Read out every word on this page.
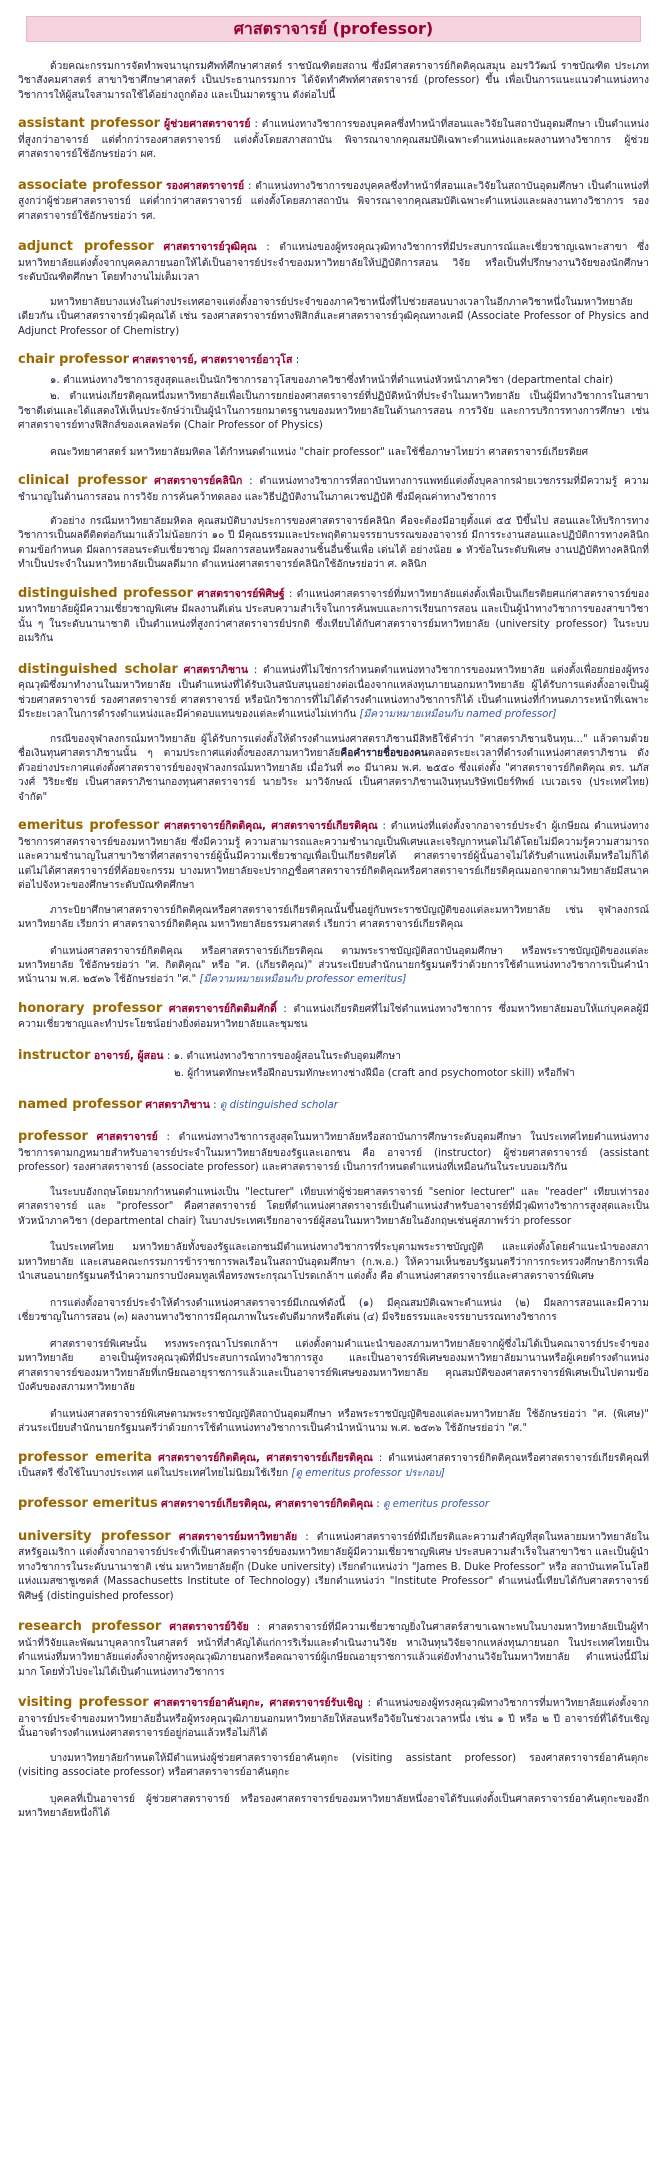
ศาสตราจารย์ (professor)

ด้วยคณะกรรมการจัดทำพจนานุกรมศัพท์ศึกษาศาสตร์ ราชบัณฑิตยสถาน ซึ่งมีศาสตราจารย์กิตติคุณสมุน อมรวิวัฒน์ ราชบัณฑิต ประเภทวิชาสังคมศาสตร์ สาขาวิชาศึกษาศาสตร์ เป็นประธานกรรมการ ได้จัดทำศัพท์ศาสตราจารย์ (professor) ขึ้น เพื่อเป็นการแนะแนวตำแหน่งทางวิชาการให้ผู้สนใจสามารถใช้ได้อย่างถูกต้อง และเป็นมาตรฐาน ดังต่อไปนี้

assistant professor ผู้ช่วยศาสตราจารย์ : ตำแหน่งทางวิชาการของบุคคลซึ่งทำหน้าที่สอนและวิจัยในสถาบันอุดมศึกษา เป็นตำแหน่งที่สูงกว่าอาจารย์ แต่ต่ำกว่ารองศาสตราจารย์ แต่งตั้งโดยสภาสถาบัน พิจารณาจากคุณสมบัติเฉพาะตำแหน่งและผลงานทางวิชาการ ผู้ช่วยศาสตราจารย์ใช้อักษรย่อว่า ผศ.
associate professor รองศาสตราจารย์ : ตำแหน่งทางวิชาการของบุคคลซึ่งทำหน้าที่สอนและวิจัยในสถาบันอุดมศึกษา เป็นตำแหน่งที่สูงกว่าผู้ช่วยศาสตราจารย์ แต่ต่ำกว่าศาสตราจารย์ แต่งตั้งโดยสภาสถาบัน พิจารณาจากคุณสมบัติเฉพาะตำแหน่งและผลงานทางวิชาการ รองศาสตราจารย์ใช้อักษรย่อว่า รศ.
adjunct professor ศาสตราจารย์วุฒิคุณ : ตำแหน่งของผู้ทรงคุณวุฒิทางวิชาการที่มีประสบการณ์และเชี่ยวชาญเฉพาะสาขา ซึ่งมหาวิทยาลัยแต่งตั้งจากบุคคลภายนอกให้ได้เป็นอาจารย์ประจำของมหาวิทยาลัยให้ปฏิบัติการสอน วิจัย หรือเป็นที่ปรึกษางานวิจัยของนักศึกษาระดับบัณฑิตศึกษา โดยทำงานไม่เต็มเวลา

มหาวิทยาลัยบางแห่งในต่างประเทศอาจแต่งตั้งอาจารย์ประจำของภาควิชาหนึ่งที่ไปช่วยสอนบางเวลาในอีกภาควิชาหนึ่งในมหาวิทยาลัยเดียวกัน เป็นศาสตราจารย์วุฒิคุณได้ เช่น รองศาสตราจารย์ทางฟิสิกส์และศาสตราจารย์วุฒิคุณทางเคมี (Associate Professor of Physics and Adjunct Professor of Chemistry)

chair professor ศาสตราจารย์, ศาสตราจารย์อาวุโส :

๑. ตำแหน่งทางวิชาการสูงสุดและเป็นนักวิชาการอาวุโสของภาควิชาซึ่งทำหน้าที่ตำแหน่งหัวหน้าภาควิชา (departmental chair)

๒. ตำแหน่งเกียรติคุณหนึ่งมหาวิทยาลัยเพื่อเป็นการยกย่องศาสตราจารย์ที่ปฏิบัติหน้าที่ประจำในมหาวิทยาลัย เป็นผู้มีทางวิชาการในสาขาวิชาดีเด่นและได้แสดงให้เห็นประจักษ์ว่าเป็นผู้นำในการยกมาตรฐานของมหาวิทยาลัยในด้านการสอน การวิจัย และการบริการทางการศึกษา เช่น ศาสตราจารย์ทางฟิสิกส์ของเคลฟอร์ด (Chair Professor of Physics)

คณะวิทยาศาสตร์ มหาวิทยาลัยมหิดล ได้กำหนดตำแหน่ง "chair professor" และใช้ชื่อภาษาไทยว่า ศาสตราจารย์เกียรติยศ

clinical professor ศาสตราจารย์คลินิก : ตำแหน่งทางวิชาการที่สถาบันทางการแพทย์แต่งตั้งบุคลากรฝ่ายเวชกรรมที่มีความรู้ ความชำนาญในด้านการสอน การวิจัย การค้นคว้าทดลอง และวิธีปฏิบัติงานในภาคเวชปฏิบัติ ซึ่งมีคุณค่าทางวิชาการ

ตัวอย่าง กรณีมหาวิทยาลัยมหิดล คุณสมบัติบางประการของศาสตราจารย์คลินิก คือจะต้องมีอายุตั้งแต่ ๕๕ ปีขึ้นไป สอนและให้บริการทางวิชาการเป็นผลดีติดต่อกันมาแล้วไม่น้อยกว่า ๑๐ ปี มีคุณธรรมและประพฤติตามจรรยาบรรณของอาจารย์ มีการระงานสอนและปฏิบัติการทางคลินิกตามข้อกำหนด มีผลการสอนระดับเชี่ยวชาญ มีผลการสอนหรือผลงานชิ้นอื่นชิ้นเพื่อ เด่นได้ อย่างน้อย ๑ หัวข้อในระดับพิเศษ งานปฏิบัติทางคลินิกที่ทำเป็นประจำในมหาวิทยาลัยเป็นผลดีมาก ตำแหน่งศาสตราจารย์คลินิกใช้อักษรย่อว่า ศ. คลินิก

distinguished professor ศาสตราจารย์พิศิษฐ์ : ตำแหน่งศาสตราจารย์ที่มหาวิทยาลัยแต่งตั้งเพื่อเป็นเกียรติยศแก่ศาสตราจารย์ของมหาวิทยาลัยผู้มีความเชี่ยวชาญพิเศษ มีผลงานดีเด่น ประสบความสำเร็จในการค้นพบและการเรียนการสอน และเป็นผู้นำทางวิชาการของสาขาวิชานั้น ๆ ในระดับนานาชาติ เป็นตำแหน่งที่สูงกว่าศาสตราจารย์ปรกติ ซึ่งเทียบได้กับศาสตราจารย์มหาวิทยาลัย (university professor) ในระบบอเมริกัน
distinguished scholar ศาสตราภิชาน : ตำแหน่งที่ไม่ใช่การกำหนดตำแหน่งทางวิชาการของมหาวิทยาลัย แต่งตั้งเพื่อยกย่องผู้ทรงคุณวุฒิซึ่งมาทำงานในมหาวิทยาลัย เป็นตำแหน่งที่ได้รับเงินสนับสนุนอย่างต่อเนื่องจากแหล่งทุนภายนอกมหาวิทยาลัย ผู้ได้รับการแต่งตั้งอาจเป็นผู้ช่วยศาสตราจารย์ รองศาสตราจารย์ ศาสตราจารย์ หรือนักวิชาการที่ไม่ได้ดำรงตำแหน่งทางวิชาการก็ได้ เป็นตำแหน่งที่กำหนดภาระหน้าที่เฉพาะ มีระยะเวลาในการดำรงตำแหน่งและมีค่าตอบแทนของแต่ละตำแหน่งไม่เท่ากัน [มีความหมายเหมือนกับ named professor]

กรณีของจุฬาลงกรณ์มหาวิทยาลัย ผู้ได้รับการแต่งตั้งให้ดำรงตำแหน่งศาสตราภิชานมีสิทธิใช้คำว่า "ศาสตราภิชานจินทุน..." แล้วตามด้วยชื่อเงินทุนศาสตราภิชานนั้น ๆ ตามประกาศแต่งตั้งของสภามหาวิทยาลัยคือคำรายชื่อของคนตลอดระยะเวลาที่ดำรงตำแหน่งศาสตราภิชาน ดังตัวอย่างประกาศแต่งตั้งศาสตราจารย์ของจุฬาลงกรณ์มหาวิทยาลัย เมื่อวันที่ ๓๐ มีนาคม พ.ศ. ๒๕๕๐ ซึ่งแต่งตั้ง "ศาสตราจารย์กิตติคุณ ดร. นภัสวงศ์ วิริยะชัย เป็นศาสตราภิชานกองทุนศาสตราจารย์ นายวิระ มาวิจักษณ์ เป็นศาสตราภิชานเงินทุนบริษัทเบียร์ทิพย์ เบเวอเรจ (ประเทศไทย) จำกัด"

emeritus professor ศาสตราจารย์กิตติคุณ, ศาสตราจารย์เกียรติคุณ : ตำแหน่งที่แต่งตั้งจากอาจารย์ประจำ ผู้เกษียณ ตำแหน่งทางวิชาการศาสตราจารย์ของมหาวิทยาลัย ซึ่งมีความรู้ ความสามารถและความชำนาญเป็นพิเศษและเจริญกาหนดไม่ได้โดยไม่มีความรู้ความสามารถและความชำนาญในสาขาวิชาที่ศาสตราจารย์ผู้นั้นมีความเชี่ยวชาญเพื่อเป็นเกียรติยศได้ ศาสตราจารย์ผู้นั้นอาจไม่ได้รับตำแหน่งเต็มหรือไม่ก็ได้ แต่ไม่ได้ศาสตราจารย์ที่ค้อยจะกรรม บางมหาวิทยาลัยจะปรากฏชื่อศาสตราจารย์กิตติคุณหรือศาสตราจารย์เกียรติคุณมอกจากตามวิทยาลัยมีสนาคต่อไปจังหวะของศึกษาระดับบัณฑิตศึกษา

ภาระบิยาศึกษาศาสตราจารย์กิตติคุณหรือศาสตราจารย์เกียรติคุณนั้นขึ้นอยู่กับพระราชบัญญัติของแต่ละมหาวิทยาลัย เช่น จุฬาลงกรณ์มหาวิทยาลัย เรียกว่า ศาสตราจารย์กิตติคุณ มหาวิทยาลัยธรรมศาสตร์ เรียกว่า ศาสตราจารย์เกียรติคุณ

ตำแหน่งศาสตราจารย์กิตติคุณ หรือศาสตราจารย์เกียรติคุณ ตามพระราชบัญญัติสถาบันอุดมศึกษา หรือพระราชบัญญัติของแต่ละมหาวิทยาลัย ใช้อักษรย่อว่า "ศ. กิตติคุณ" หรือ "ศ. (เกียรติคุณ)" ส่วนระเบียบสำนักนายกรัฐมนตรีว่าด้วยการใช้ตำแหน่งทางวิชาการเป็นคำนำหน้านาม พ.ศ. ๒๕๓๖ ใช้อักษรย่อว่า "ศ." [มีความหมายเหมือนกับ professor emeritus]

honorary professor ศาสตราจารย์กิตติมศักดิ์ : ตำแหน่งเกียรติยศที่ไม่ใช่ตำแหน่งทางวิชาการ ซึ่งมหาวิทยาลัยมอบให้แก่บุคคลผู้มีความเชี่ยวชาญและทำประโยชน์อย่างยิ่งต่อมหาวิทยาลัยและชุมชน
instructor อาจารย์, ผู้สอน : ๑. ตำแหน่งทางวิชาการของผู้สอนในระดับอุดมศึกษา

๒. ผู้กำหนดทักษะหรือฝึกอบรมทักษะทางช่างฝีมือ (craft and psychomotor skill) หรือกีฬา

named professor ศาสตราภิชาน : ดู distinguished scholar
professor ศาสตราจารย์ : ตำแหน่งทางวิชาการสูงสุดในมหาวิทยาลัยหรือสถาบันการศึกษาระดับอุดมศึกษา ในประเทศไทยตำแหน่งทางวิชาการตามกฎหมายสำหรับอาจารย์ประจำในมหาวิทยาลัยของรัฐและเอกชน คือ อาจารย์ (instructor) ผู้ช่วยศาสตราจารย์ (assistant professor) รองศาสตราจารย์ (associate professor) และศาสตราจารย์ เป็นการกำหนดตำแหน่งที่เหมือนกันในระบบอเมริกัน

ในระบบอังกฤษโดยมากกำหนดตำแหน่งเป็น "lecturer" เทียบเท่าผู้ช่วยศาสตราจารย์ "senior lecturer" และ "reader" เทียบเท่ารองศาสตราจารย์ และ "professor" คือศาสตราจารย์ โดยที่ตำแหน่งศาสตราจารย์เป็นตำแหน่งสำหรับอาจารย์ที่มีวุฒิทางวิชาการสูงสุดและเป็นหัวหน้าภาควิชา (departmental chair) ในบางประเทศเรียกอาจารย์ผู้สอนในมหาวิทยาลัยในอังกฤษเช่นคู่สภาพร์ว่า professor

ในประเทศไทย มหาวิทยาลัยทั้งของรัฐและเอกชนมีตำแหน่งทางวิชาการที่ระบุตามพระราชบัญญัติ และแต่งตั้งโดยคำแนะนำของสภามหาวิทยาลัย และเสนอคณะกรรมการข้าราชการพลเรือนในสถาบันอุดมศึกษา (ก.พ.อ.) ให้ความเห็นชอบรัฐมนตรีว่าการกระทรวงศึกษาธิการเพื่อนำเสนอนายกรัฐมนตรีนำความกราบบังคมทูลเพื่อทรงพระกรุณาโปรดเกล้าฯ แต่งตั้ง คือ ตำแหน่งศาสตราจารย์และศาสตราจารย์พิเศษ

การแต่งตั้งอาจารย์ประจำให้ดำรงตำแหน่งศาสตราจารย์มีเกณฑ์ดังนี้ (๑) มีคุณสมบัติเฉพาะตำแหน่ง (๒) มีผลการสอนและมีความเชี่ยวชาญในการสอน (๓) ผลงานทางวิชาการมีคุณภาพในระดับดีมากหรือดีเด่น (๔) มีจริยธรรมและจรรยาบรรณทางวิชาการ

ศาสตราจารย์พิเศษนั้น ทรงพระกรุณาโปรดเกล้าฯ แต่งตั้งตามคำแนะนำของสภามหาวิทยาลัยจากผู้ซึ่งไม่ได้เป็นคณาจารย์ประจำของมหาวิทยาลัย อาจเป็นผู้ทรงคุณวุฒิที่มีประสบการณ์ทางวิชาการสูง และเป็นอาจารย์พิเศษของมหาวิทยาลัยมานานหรือผู้เคยดำรงตำแหน่งศาสตราจารย์ของมหาวิทยาลัยที่เกษียณอายุราชการแล้วและเป็นอาจารย์พิเศษของมหาวิทยาลัย คุณสมบัติของศาสตราจารย์พิเศษเป็นไปตามข้อบังคับของสภามหาวิทยาลัย

ตำแหน่งศาสตราจารย์พิเศษตามพระราชบัญญัติสถาบันอุดมศึกษา หรือพระราชบัญญัติของแต่ละมหาวิทยาลัย ใช้อักษรย่อว่า "ศ. (พิเศษ)" ส่วนระเบียบสำนักนายกรัฐมนตรีว่าด้วยการใช้ตำแหน่งทางวิชาการเป็นคำนำหน้านาม พ.ศ. ๒๕๓๖ ใช้อักษรย่อว่า "ศ."

professor emerita ศาสตราจารย์กิตติคุณ, ศาสตราจารย์เกียรติคุณ : ตำแหน่งศาสตราจารย์กิตติคุณหรือศาสตราจารย์เกียรติคุณที่เป็นสตรี ซึ่งใช้ในบางประเทศ แต่ในประเทศไทยไม่นิยมใช้เรียก [ดู emeritus professor ประกอบ]
professor emeritus ศาสตราจารย์เกียรติคุณ, ศาสตราจารย์กิตติคุณ : ดู emeritus professor
university professor ศาสตราจารย์มหาวิทยาลัย : ตำแหน่งศาสตราจารย์ที่มีเกียรติและความสำคัญที่สุดในหลายมหาวิทยาลัยในสหรัฐอเมริกา แต่งตั้งจากอาจารย์ประจำที่เป็นศาสตราจารย์ของมหาวิทยาลัยผู้มีความเชี่ยวชาญพิเศษ ประสบความสำเร็จในสาขาวิชา และเป็นผู้นำทางวิชาการในระดับนานาชาติ เช่น มหาวิทยาลัยดุ๊ก (Duke university) เรียกตำแหน่งว่า "James B. Duke Professor" หรือ สถาบันเทคโนโลยีแห่งแมสซาชูเซตส์ (Massachusetts Institute of Technology) เรียกตำแหน่งว่า "Institute Professor" ตำแหน่งนี้เทียบได้กับศาสตราจารย์พิศิษฐ์ (distinguished professor)
research professor ศาสตราจารย์วิจัย : ศาสตราจารย์ที่มีความเชี่ยวชาญยิ่งในศาสตร์สาขาเฉพาะพบในบางมหาวิทยาลัยเป็นผู้ทำหน้าที่วิจัยและพัฒนาบุคลากรในศาสตร์ หน้าที่สำคัญได้แก่การริเริ่มและดำเนินงานวิจัย หาเงินทุนวิจัยจากแหล่งทุนภายนอก ในประเทศไทยเป็นตำแหน่งที่มหาวิทยาลัยแต่งตั้งจากผู้ทรงคุณวุฒิภายนอกหรือคณาจารย์ผู้เกษียณอายุราชการแล้วแต่ยังทำงานวิจัยในมหาวิทยาลัย ตำแหน่งนี้มีไม่มาก โดยทั่วไปจะไม่ได้เป็นตำแหน่งทางวิชาการ
visiting professor ศาสตราจารย์อาคันตุกะ, ศาสตราจารย์รับเชิญ : ตำแหน่งของผู้ทรงคุณวุฒิทางวิชาการที่มหาวิทยาลัยแต่งตั้งจากอาจารย์ประจำของมหาวิทยาลัยอื่นหรือผู้ทรงคุณวุฒิภายนอกมหาวิทยาลัยให้สอนหรือวิจัยในช่วงเวลาหนึ่ง เช่น ๑ ปี หรือ ๒ ปี อาจารย์ที่ได้รับเชิญนั้นอาจดำรงตำแหน่งศาสตราจารย์อยู่ก่อนแล้วหรือไม่ก็ได้

บางมหาวิทยาลัยกำหนดให้มีตำแหน่งผู้ช่วยศาสตราจารย์อาคันตุกะ (visiting assistant professor) รองศาสตราจารย์อาคันตุกะ (visiting associate professor) หรือศาสตราจารย์อาคันตุกะ

บุคคลที่เป็นอาจารย์ ผู้ช่วยศาสตราจารย์ หรือรองศาสตราจารย์ของมหาวิทยาลัยหนึ่งอาจได้รับแต่งตั้งเป็นศาสตราจารย์อาคันตุกะของอีกมหาวิทยาลัยหนึ่งก็ได้
